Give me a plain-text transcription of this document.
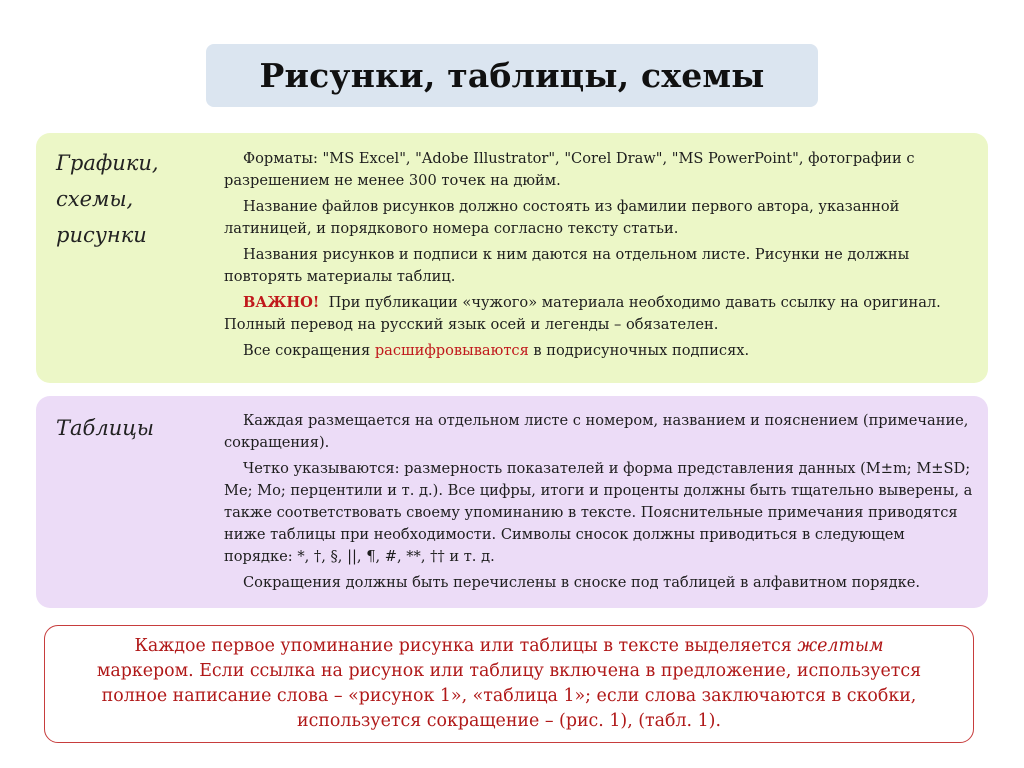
Рисунки, таблицы, схемы
Графики,
схемы,
рисунки

Форматы: "MS Excel", "Adobe Illustrator", "Corel Draw", "MS PowerPoint", фотографии с разрешением не менее 300 точек на дюйм.

Название файлов рисунков должно состоять из фамилии первого автора, указанной латиницей, и порядкового номера согласно тексту статьи.

Названия рисунков и подписи к ним даются на отдельном листе. Рисунки не должны повторять материалы таблиц.

ВАЖНО! При публикации «чужого» материала необходимо давать ссылку на оригинал. Полный перевод на русский язык осей и легенды – обязателен.

Все сокращения расшифровываются в подрисуночных подписях.

Таблицы	Каждая размещается на отдельном листе с номером, названием и пояснением (примечание, сокращения).

Четко указываются: размерность показателей и форма представления данных (M±m; M±SD; Me; Mo; перцентили и т. д.). Все цифры, итоги и проценты должны быть тщательно выверены, а также соответствовать своему упоминанию в тексте. Пояснительные примечания приводятся ниже таблицы при необходимости. Символы сносок должны приводиться в следующем порядке: *, †, §, ||, ¶, #, **, †† и т. д.

Сокращения должны быть перечислены в сноске под таблицей в алфавитном порядке.

Каждое первое упоминание рисунка или таблицы в тексте выделяется желтым маркером. Если ссылка на рисунок или таблицу включена в предложение, используется полное написание слова – «рисунок 1», «таблица 1»; если слова заключаются в скобки, используется сокращение – (рис. 1), (табл. 1).
